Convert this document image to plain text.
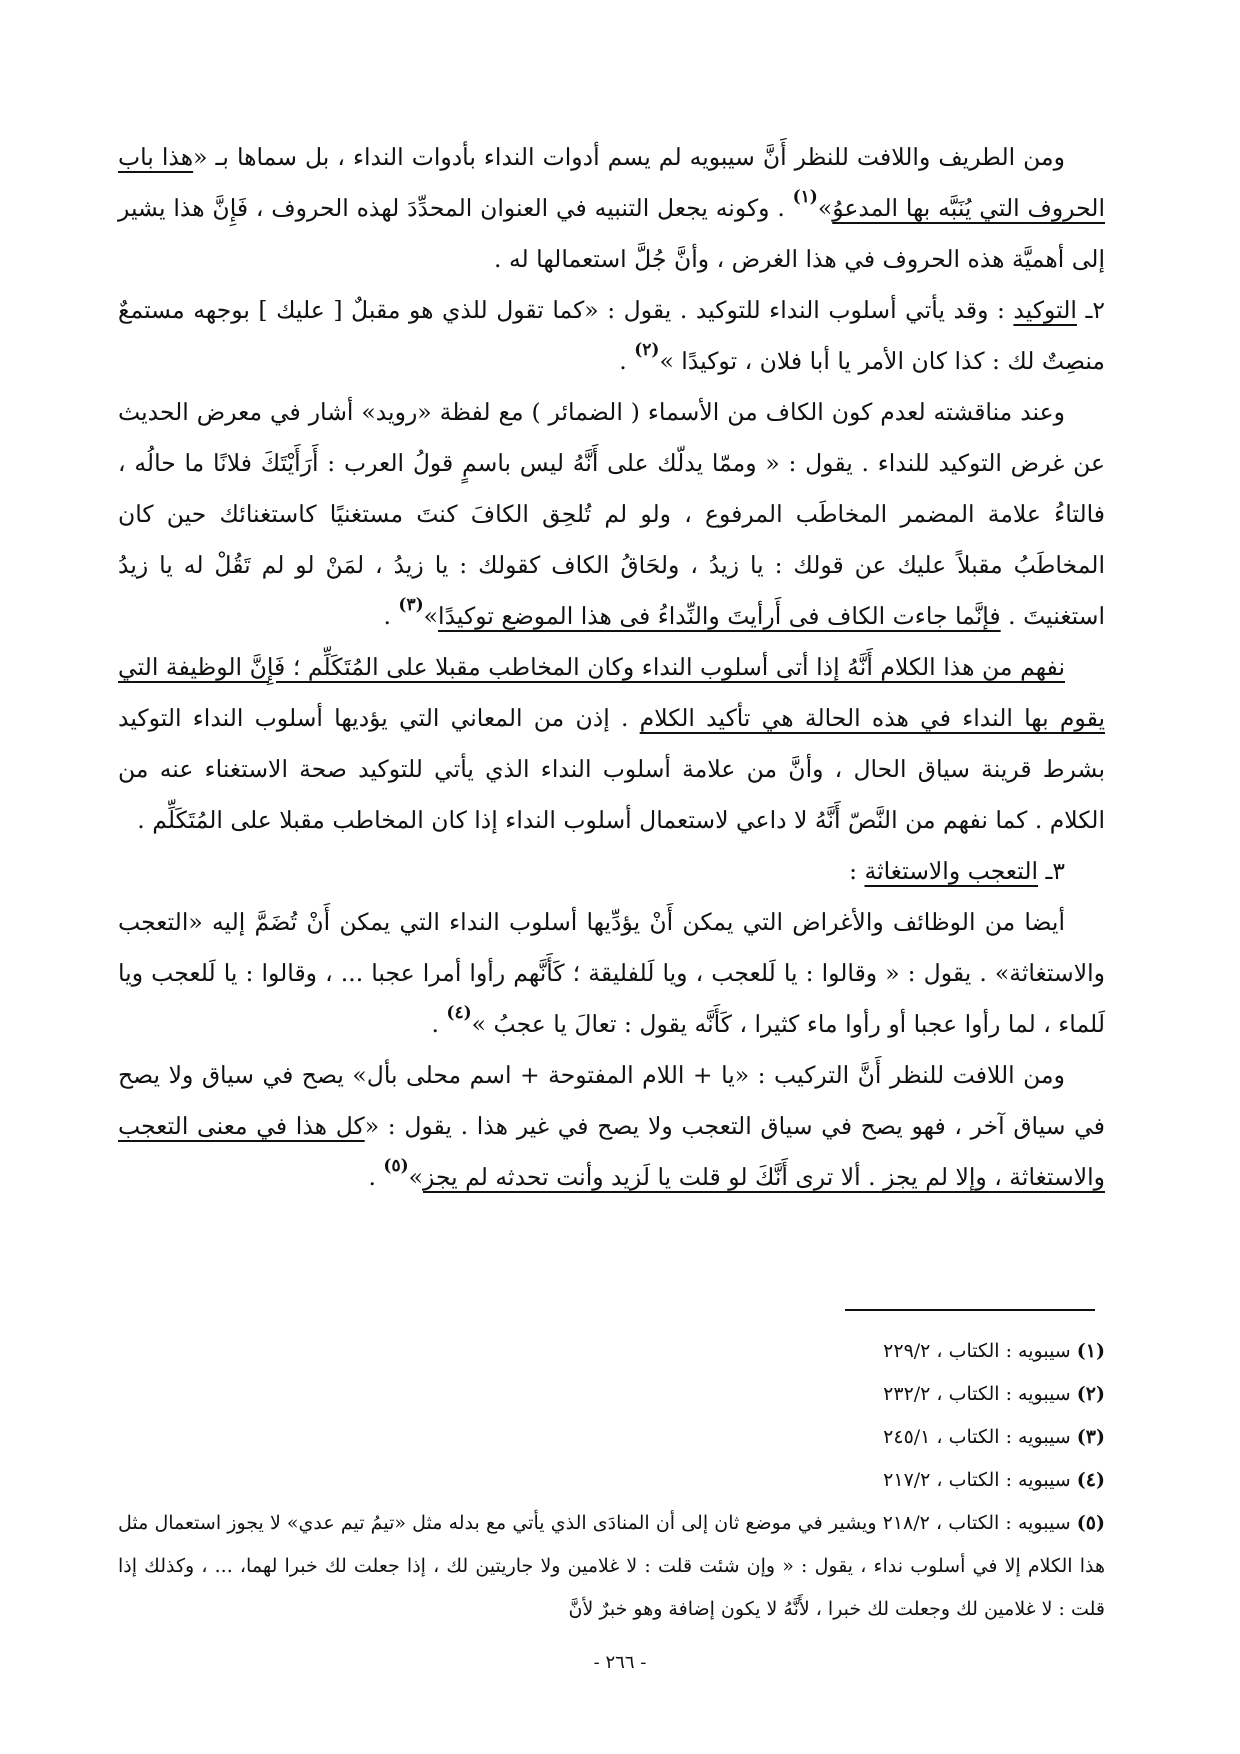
ومن الطريف واللافت للنظر أَنَّ سيبويه لم يسم أدوات النداء بأدوات النداء ، بل سماها بـ «هذا باب الحروف التي يُنَبَّه بها المدعوُ»$^{(١)}$ . وكونه يجعل التنبيه في العنوان المحدِّدَ لهذه الحروف ، فَإِنَّ هذا يشير إلى أهميَّة هذه الحروف في هذا الغرض ، وأنَّ جُلَّ استعمالها له .

٢ـ التوكيد : وقد يأتي أسلوب النداء للتوكيد . يقول : «كما تقول للذي هو مقبلٌ [ عليك ] بوجهه مستمعٌ منصِتٌ لك : كذا كان الأمر يا أبا فلان ، توكيدًا »$^{(٢)}$ .

وعند مناقشته لعدم كون الكاف من الأسماء ( الضمائر ) مع لفظة «رويد» أشار في معرض الحديث عن غرض التوكيد للنداء . يقول : « وممّا يدلّك على أَنَّهُ ليس باسمٍ قولُ العرب : أَرَأَيْتَكَ فلانًا ما حالُه ، فالتاءُ علامة المضمر المخاطَب المرفوع ، ولو لم تُلحِق الكافَ كنتَ مستغنيًا كاستغنائك حين كان المخاطَبُ مقبلاً عليك عن قولك : يا زيدُ ، ولحَاقُ الكاف كقولك : يا زيدُ ، لمَنْ لو لم تَقُلْ له يا زيدُ استغنيتَ . فإنَّما جاءت الكاف فى أَرأيتَ والنِّداءُ فى هذا الموضع توكيدًا»$^{(٣)}$ .

نفهم من هذا الكلام أَنَّهُ إذا أتى أسلوب النداء وكان المخاطب مقبلا على المُتَكَلِّم ؛ فَإِنَّ الوظيفة التي يقوم بها النداء في هذه الحالة هي تأكيد الكلام . إذن من المعاني التي يؤديها أسلوب النداء التوكيد بشرط قرينة سياق الحال ، وأنَّ من علامة أسلوب النداء الذي يأتي للتوكيد صحة الاستغناء عنه من الكلام . كما نفهم من النَّصّ أَنَّهُ لا داعي لاستعمال أسلوب النداء إذا كان المخاطب مقبلا على المُتَكَلِّم .

٣ـ التعجب والاستغاثة :

أيضا من الوظائف والأغراض التي يمكن أَنْ يؤدِّيها أسلوب النداء التي يمكن أَنْ تُضَمَّ إليه «التعجب والاستغاثة» . يقول : « وقالوا : يا لَلعجب ، ويا لَلفليقة ؛ كَأَنَّهم رأوا أمرا عجبا ... ، وقالوا : يا لَلعجب ويا لَلماء ، لما رأوا عجبا أو رأوا ماء كثيرا ، كَأَنَّه يقول : تعالَ يا عجبُ »$^{(٤)}$ .

ومن اللافت للنظر أَنَّ التركيب : «يا + اللام المفتوحة + اسم محلى بأل» يصح في سياق ولا يصح في سياق آخر ، فهو يصح في سياق التعجب ولا يصح في غير هذا . يقول : «كل هذا في معنى التعجب والاستغاثة ، وإلا لم يجز . ألا ترى أَنَّكَ لو قلت يا لَزيد وأنت تحدثه لم يجز»$^{(٥)}$ .

(١) سيبويه : الكتاب ، ٢٢٩/٢
(٢) سيبويه : الكتاب ، ٢٣٢/٢
(٣) سيبويه : الكتاب ، ٢٤٥/١
(٤) سيبويه : الكتاب ، ٢١٧/٢
(٥) سيبويه : الكتاب ، ٢١٨/٢ ويشير في موضع ثان إلى أن المنادَى الذي يأتي مع بدله مثل «تيمُ تيم عدي» لا يجوز استعمال مثل هذا الكلام إلا في أسلوب نداء ، يقول : « وإن شئت قلت : لا غلامين ولا جاريتين لك ، إذا جعلت لك خبرا لهما، ... ، وكذلك إذا قلت : لا غلامين لك وجعلت لك خبرا ، لأَنَّهُ لا يكون إضافة وهو خبرٌ لأنَّ
- ٢٦٦ -
